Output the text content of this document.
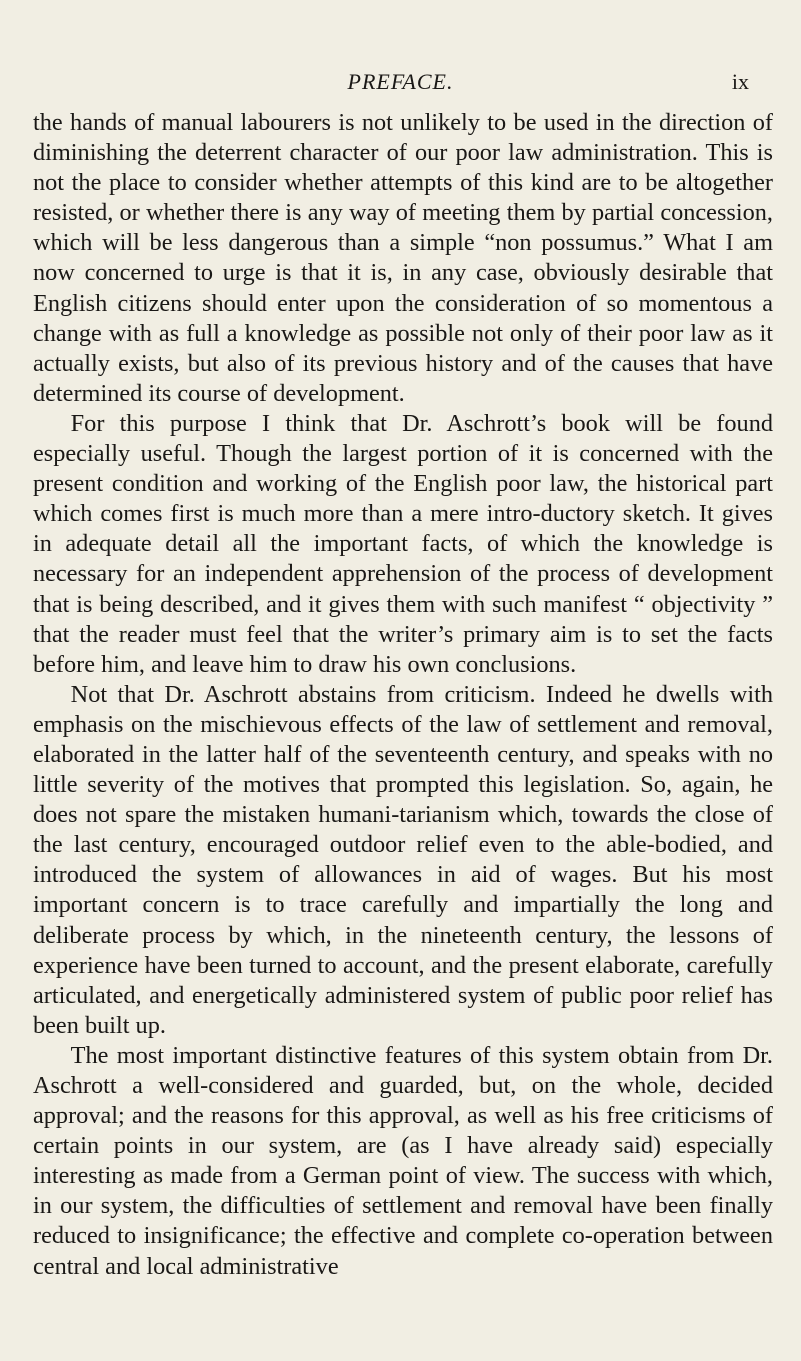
PREFACE.	ix

the hands of manual labourers is not unlikely to be used in the direction of diminishing the deterrent character of our poor law administration. This is not the place to consider whether attempts of this kind are to be altogether resisted, or whether there is any way of meeting them by partial concession, which will be less dangerous than a simple “non possumus.” What I am now concerned to urge is that it is, in any case, obviously desirable that English citizens should enter upon the consideration of so momentous a change with as full a knowledge as possible not only of their poor law as it actually exists, but also of its previous history and of the causes that have determined its course of development.

For this purpose I think that Dr. Aschrott’s book will be found especially useful. Though the largest portion of it is concerned with the present condition and working of the English poor law, the historical part which comes first is much more than a mere intro-ductory sketch. It gives in adequate detail all the important facts, of which the knowledge is necessary for an independent apprehension of the process of development that is being described, and it gives them with such manifest “ objectivity ” that the reader must feel that the writer’s primary aim is to set the facts before him, and leave him to draw his own conclusions.

Not that Dr. Aschrott abstains from criticism. Indeed he dwells with emphasis on the mischievous effects of the law of settlement and removal, elaborated in the latter half of the seventeenth century, and speaks with no little severity of the motives that prompted this legislation. So, again, he does not spare the mistaken humani-tarianism which, towards the close of the last century, encouraged outdoor relief even to the able-bodied, and introduced the system of allowances in aid of wages. But his most important concern is to trace carefully and impartially the long and deliberate process by which, in the nineteenth century, the lessons of experience have been turned to account, and the present elaborate, carefully articulated, and energetically administered system of public poor relief has been built up.

The most important distinctive features of this system obtain from Dr. Aschrott a well-considered and guarded, but, on the whole, decided approval; and the reasons for this approval, as well as his free criticisms of certain points in our system, are (as I have already said) especially interesting as made from a German point of view. The success with which, in our system, the difficulties of settlement and removal have been finally reduced to insignificance; the effective and complete co-operation between central and local administrative
